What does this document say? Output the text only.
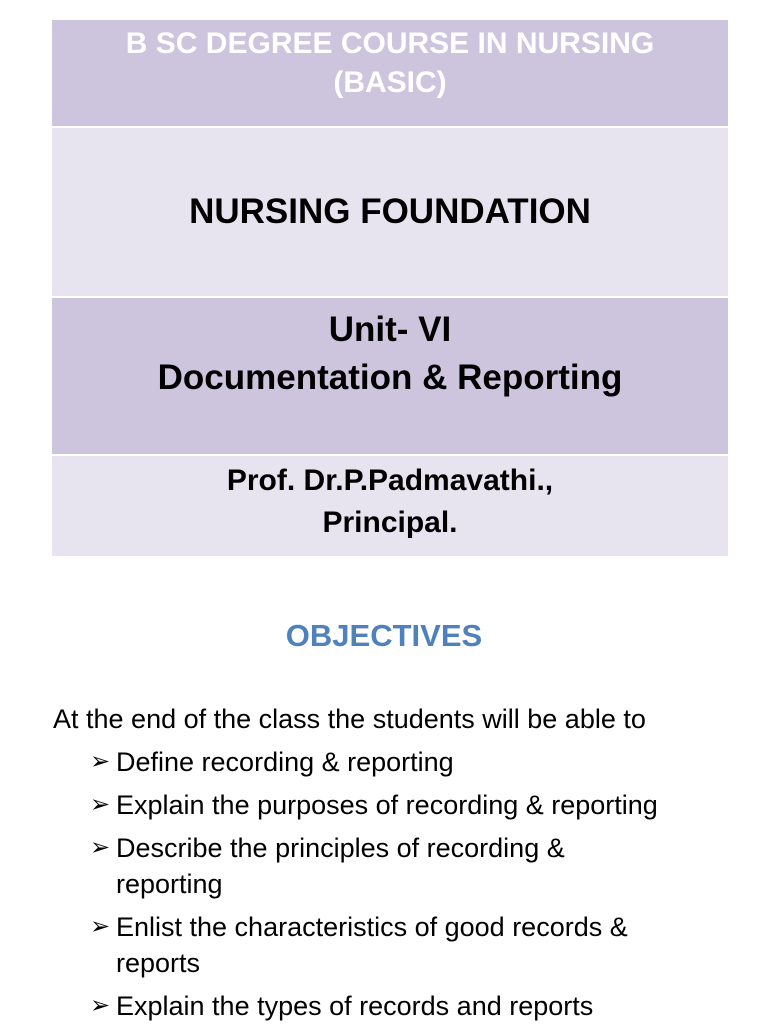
B SC DEGREE COURSE IN NURSING
(BASIC)
NURSING FOUNDATION
Unit- VI
Documentation & Reporting
Prof. Dr.P.Padmavathi.,
Principal.
OBJECTIVES
At the end of the class the students will be able to
➢ Define recording & reporting
➢ Explain the purposes of recording & reporting
➢ Describe the principles of recording &
reporting
➢ Enlist the characteristics of good records &
reports
➢ Explain the types of records and reports
